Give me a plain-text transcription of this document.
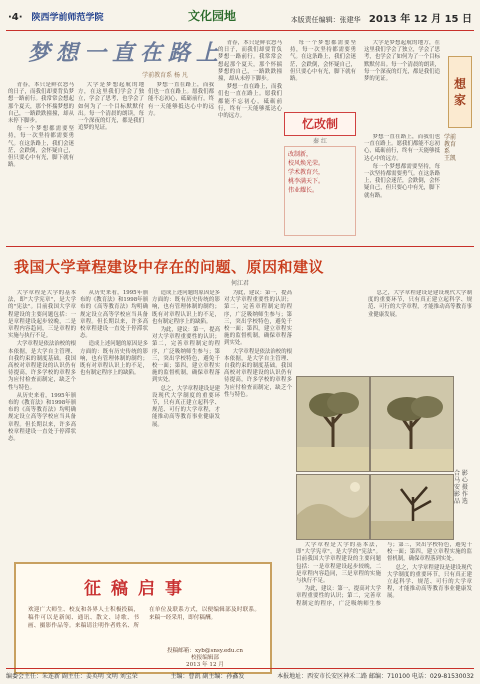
·4· 陕西学前师范学院	文化园地	本版责任编辑：张建华 2013 年 12 月 15 日
梦想一直在路上
学前教育系 杨 凡

青春，本只是鲜衣怒马的日子，而我们却要背负梦想一路前行。我常常会想起那个夏天，那个怀揣梦想的自己，一路跌跌撞撞，却从未停下脚步。

每一个梦想都需要坚持，每一次坚持都需要勇气。在这条路上，我们会迷茫，会跌倒，会怀疑自己，但只要心中有光，脚下就有路。

大学是梦想起航的地方，在这里我们学会了独立，学会了思考，也学会了如何为了一个目标默默付出。每一个清晨的朗读，每一个深夜的灯光，都是我们追梦的见证。

梦想一直在路上，而我们也一直在路上。愿我们都能不忘初心，砥砺前行，终有一天能够抵达心中的远方。

青春，本只是鲜衣怒马的日子，而我们却要背负梦想一路前行。我常常会想起那个夏天，那个怀揣梦想的自己，一路跌跌撞撞，却从未停下脚步。

梦想一直在路上，而我们也一直在路上。愿我们都能不忘初心，砥砺前行，终有一天能够抵达心中的远方。

每一个梦想都需要坚持，每一次坚持都需要勇气。在这条路上，我们会迷茫，会跌倒，会怀疑自己，但只要心中有光，脚下就有路。

大学是梦想起航的地方，在这里我们学会了独立，学会了思考，也学会了如何为了一个目标默默付出。每一个清晨的朗读，每一个深夜的灯光，都是我们追梦的见证。

忆改制
秦 红
改制新，
校风焕光荣。
学术教育兴，
桃李满天下。
伟业耀长。
想
家
学前教育系 王凯

梦想一直在路上，而我们也一直在路上。愿我们都能不忘初心，砥砺前行，终有一天能够抵达心中的远方。

每一个梦想都需要坚持，每一次坚持都需要勇气。在这条路上，我们会迷茫，会跌倒，会怀疑自己，但只要心中有光，脚下就有路。

我国大学章程建设中存在的问题、原因和建议
何江君

大学章程是大学的基本法，即"大学宪章"，是大学的"宪法"。目前我国大学章程建设的主要问题包括：一是章程建设起步较晚，二是章程内容趋同，三是章程的实施与执行不足。

大学章程是依法治校的根本依据，是大学自主管理、自我约束的制度基础。我国高校对章程建设的认识仍有待提高，许多学校的章程多为应付检查而制定，缺乏个性与特色。

从历史来看，1995年颁布的《教育法》和1998年颁布的《高等教育法》均明确规定设立高等学校应当具备章程。但长期以来，许多高校章程建设一直处于停滞状态。

从历史来看，1995年颁布的《教育法》和1998年颁布的《高等教育法》均明确规定设立高等学校应当具备章程。但长期以来，许多高校章程建设一直处于停滞状态。

造成上述问题的原因是多方面的：既有历史传统的影响，也有管理体制的制约；既有对章程认识上的不足，也有制定程序上的缺陷。

造成上述问题的原因是多方面的：既有历史传统的影响，也有管理体制的制约；既有对章程认识上的不足，也有制定程序上的缺陷。

为此，建议：第一，提高对大学章程重要性的认识；第二，完善章程制定的程序，广泛吸纳师生参与；第三，突出学校特色，避免千校一面；第四，建立章程实施的监督机制，确保章程落到实处。

总之，大学章程建设是建设现代大学制度的重要环节，只有真正建立起科学、规范、可行的大学章程，才能推动高等教育事业健康发展。

为此，建议：第一，提高对大学章程重要性的认识；第二，完善章程制定的程序，广泛吸纳师生参与；第三，突出学校特色，避免千校一面；第四，建立章程实施的监督机制，确保章程落到实处。

大学章程是依法治校的根本依据，是大学自主管理、自我约束的制度基础。我国高校对章程建设的认识仍有待提高，许多学校的章程多为应付检查而制定，缺乏个性与特色。

总之，大学章程建设是建设现代大学制度的重要环节，只有真正建立起科学、规范、可行的大学章程，才能推动高等教育事业健康发展。

合 影 马 心 安 摄 影 作 品 选

大学章程是大学的基本法，即"大学宪章"，是大学的"宪法"。目前我国大学章程建设的主要问题包括：一是章程建设起步较晚，二是章程内容趋同，三是章程的实施与执行不足。

为此，建议：第一，提高对大学章程重要性的认识；第二，完善章程制定的程序，广泛吸纳师生参与；第三，突出学校特色，避免千校一面；第四，建立章程实施的监督机制，确保章程落到实处。

总之，大学章程建设是建设现代大学制度的重要环节，只有真正建立起科学、规范、可行的大学章程，才能推动高等教育事业健康发展。

征稿启事
欢迎广大师生、校友和各界人士积极投稿，稿件可以是新闻、通讯、散文、诗歌、书画、摄影作品等。来稿请注明作者姓名、所在单位及联系方式，以便编辑部及时联系。来稿一经采用，即付稿酬。
投稿邮箱：xyb@snsy.edu.cn
校报编辑部
2013 年 12 月
编委会主任：朱连新 副主任：姜英明 文明 刘宝荣	主编：曹凯 副主编：孙鑫发	本报地址：西安市长安区神禾二路 邮编：710100 电话：029-81530032
